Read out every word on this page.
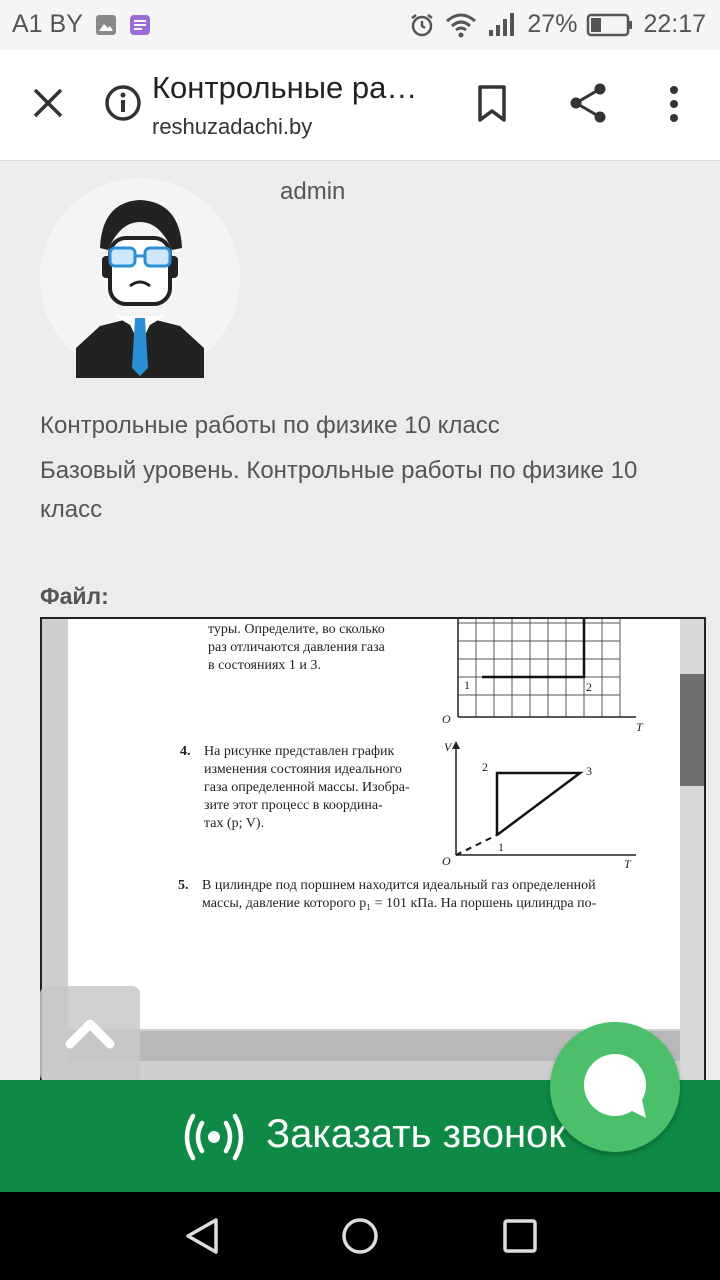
A1 BY	27%	22:17
Контрольные ра…
reshuzadachi.by
admin
Контрольные работы по физике 10 класс
Базовый уровень. Контрольные работы по физике 10 класс
Файл:
туры. Определите, во сколько
раз отличаются давления газа
в состояниях 1 и 3.
O
T
1	2
4. На рисунке представлен график
изменения состояния идеального
газа определенной массы. Изобра-
зите этот процесс в координа-
тах (p; V).
V
O	T
1
2	3
5. В цилиндре под поршнем находится идеальный газ определенной
массы, давление которого p₁ = 101 кПа. На поршень цилиндра по-
Заказать звонок
